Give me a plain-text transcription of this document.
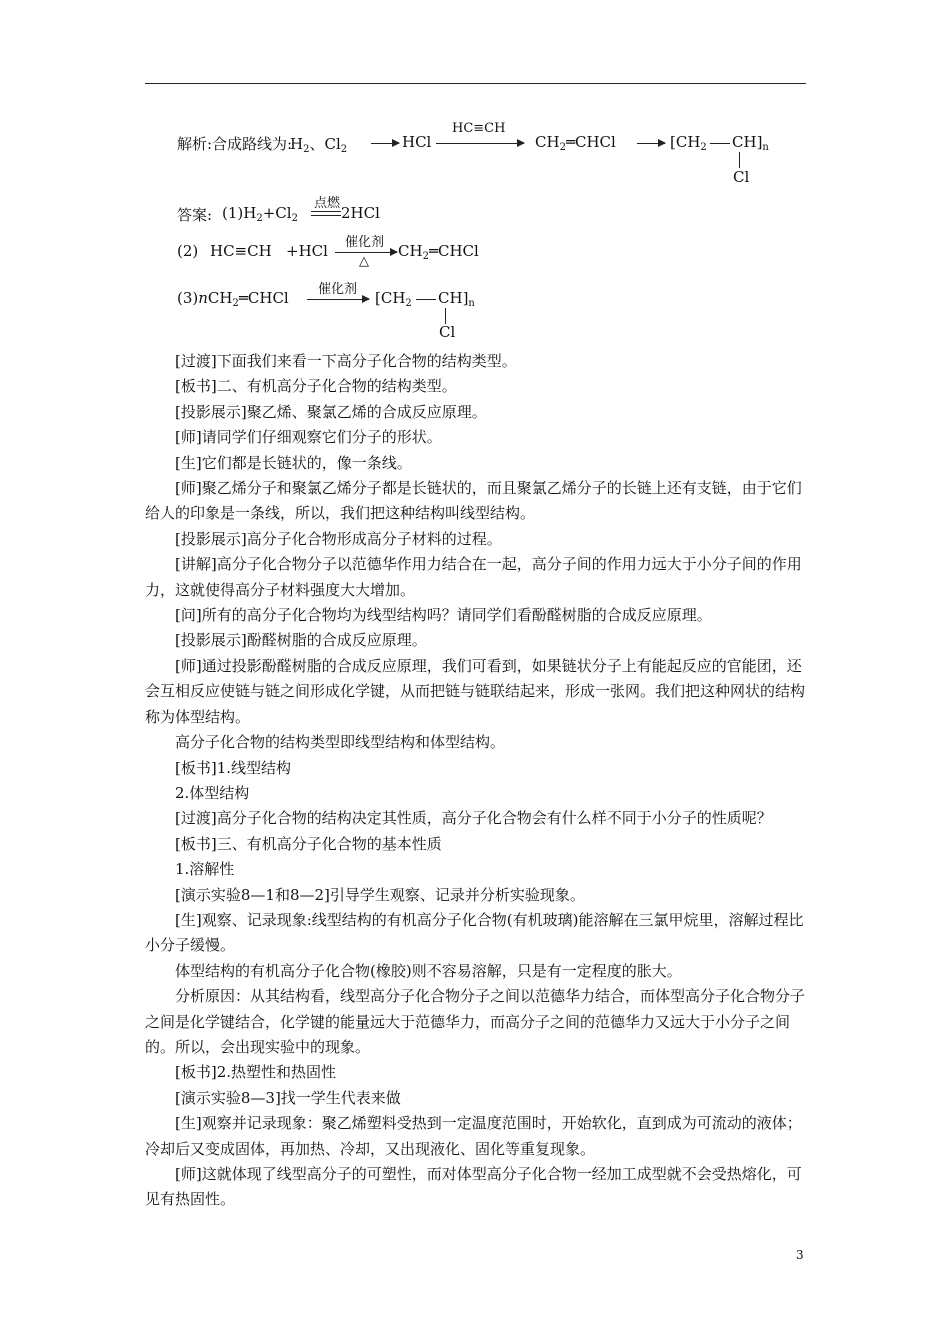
解析:合成路线为:
$H_2$、$Cl_2$ → HCl
HC≡CH
$CH_2═CHCl \to [CH_2$ $CH]_n$
Cl
答案: $(1)H_2+Cl_2$
点燃
2HCl
(2) HC≡CH +HCl 催化剂
△
$CH_2═CHCl$
(3)nCH$_2$═CHCl 催化剂 → [$CH_2$ $CH]_n$
Cl

[过渡]下面我们来看一下高分子化合物的结构类型。

[板书]二、有机高分子化合物的结构类型。

[投影展示]聚乙烯、聚氯乙烯的合成反应原理。

[师]请同学们仔细观察它们分子的形状。

[生]它们都是长链状的，像一条线。

[师]聚乙烯分子和聚氯乙烯分子都是长链状的，而且聚氯乙烯分子的长链上还有支链，由于它们给人的印象是一条线，所以，我们把这种结构叫线型结构。

[投影展示]高分子化合物形成高分子材料的过程。

[讲解]高分子化合物分子以范德华作用力结合在一起，高分子间的作用力远大于小分子间的作用力，这就使得高分子材料强度大大增加。

[问]所有的高分子化合物均为线型结构吗？请同学们看酚醛树脂的合成反应原理。

[投影展示]酚醛树脂的合成反应原理。

[师]通过投影酚醛树脂的合成反应原理，我们可看到，如果链状分子上有能起反应的官能团，还会互相反应使链与链之间形成化学键，从而把链与链联结起来，形成一张网。我们把这种网状的结构称为体型结构。

高分子化合物的结构类型即线型结构和体型结构。

[板书]1.线型结构

2.体型结构

[过渡]高分子化合物的结构决定其性质，高分子化合物会有什么样不同于小分子的性质呢？

[板书]三、有机高分子化合物的基本性质

1.溶解性

[演示实验8—1和8—2]引导学生观察、记录并分析实验现象。

[生]观察、记录现象:线型结构的有机高分子化合物(有机玻璃)能溶解在三氯甲烷里，溶解过程比小分子缓慢。

体型结构的有机高分子化合物(橡胶)则不容易溶解，只是有一定程度的胀大。

分析原因：从其结构看，线型高分子化合物分子之间以范德华力结合，而体型高分子化合物分子之间是化学键结合，化学键的能量远大于范德华力，而高分子之间的范德华力又远大于小分子之间的。所以，会出现实验中的现象。

[板书]2.热塑性和热固性

[演示实验8—3]找一学生代表来做

[生]观察并记录现象：聚乙烯塑料受热到一定温度范围时，开始软化，直到成为可流动的液体；冷却后又变成固体，再加热、冷却，又出现液化、固化等重复现象。

[师]这就体现了线型高分子的可塑性，而对体型高分子化合物一经加工成型就不会受热熔化，可见有热固性。

3
